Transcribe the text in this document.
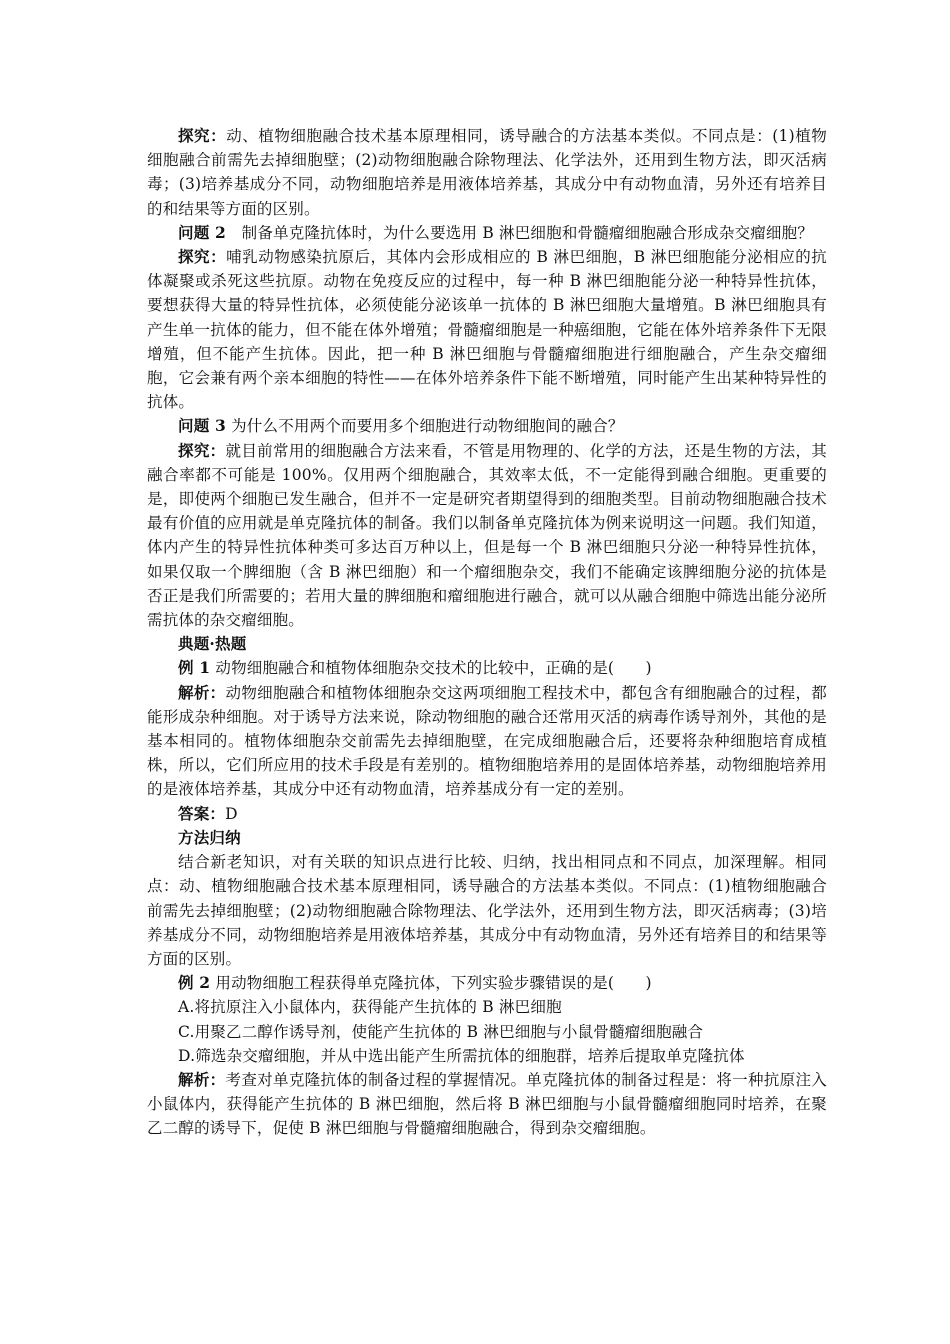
探究：动、植物细胞融合技术基本原理相同，诱导融合的方法基本类似。不同点是：(1)植物细胞融合前需先去掉细胞壁；(2)动物细胞融合除物理法、化学法外，还用到生物方法，即灭活病毒；(3)培养基成分不同，动物细胞培养是用液体培养基，其成分中有动物血清，另外还有培养目的和结果等方面的区别。

问题 2　制备单克隆抗体时，为什么要选用 B 淋巴细胞和骨髓瘤细胞融合形成杂交瘤细胞？

探究：哺乳动物感染抗原后，其体内会形成相应的 B 淋巴细胞，B 淋巴细胞能分泌相应的抗体凝聚或杀死这些抗原。动物在免疫反应的过程中，每一种 B 淋巴细胞能分泌一种特异性抗体，要想获得大量的特异性抗体，必须使能分泌该单一抗体的 B 淋巴细胞大量增殖。B 淋巴细胞具有产生单一抗体的能力，但不能在体外增殖；骨髓瘤细胞是一种癌细胞，它能在体外培养条件下无限增殖，但不能产生抗体。因此，把一种 B 淋巴细胞与骨髓瘤细胞进行细胞融合，产生杂交瘤细胞，它会兼有两个亲本细胞的特性——在体外培养条件下能不断增殖，同时能产生出某种特异性的抗体。

问题 3 为什么不用两个而要用多个细胞进行动物细胞间的融合？

探究：就目前常用的细胞融合方法来看，不管是用物理的、化学的方法，还是生物的方法，其融合率都不可能是 100%。仅用两个细胞融合，其效率太低，不一定能得到融合细胞。更重要的是，即使两个细胞已发生融合，但并不一定是研究者期望得到的细胞类型。目前动物细胞融合技术最有价值的应用就是单克隆抗体的制备。我们以制备单克隆抗体为例来说明这一问题。我们知道，体内产生的特异性抗体种类可多达百万种以上，但是每一个 B 淋巴细胞只分泌一种特异性抗体，如果仅取一个脾细胞（含 B 淋巴细胞）和一个瘤细胞杂交，我们不能确定该脾细胞分泌的抗体是否正是我们所需要的；若用大量的脾细胞和瘤细胞进行融合，就可以从融合细胞中筛选出能分泌所需抗体的杂交瘤细胞。

典题·热题

例 1 动物细胞融合和植物体细胞杂交技术的比较中，正确的是(　　)

解析：动物细胞融合和植物体细胞杂交这两项细胞工程技术中，都包含有细胞融合的过程，都能形成杂种细胞。对于诱导方法来说，除动物细胞的融合还常用灭活的病毒作诱导剂外，其他的是基本相同的。植物体细胞杂交前需先去掉细胞壁，在完成细胞融合后，还要将杂种细胞培育成植株，所以，它们所应用的技术手段是有差别的。植物细胞培养用的是固体培养基，动物细胞培养用的是液体培养基，其成分中还有动物血清，培养基成分有一定的差别。

答案：D

方法归纳

结合新老知识，对有关联的知识点进行比较、归纳，找出相同点和不同点，加深理解。相同点：动、植物细胞融合技术基本原理相同，诱导融合的方法基本类似。不同点：(1)植物细胞融合前需先去掉细胞壁；(2)动物细胞融合除物理法、化学法外，还用到生物方法，即灭活病毒；(3)培养基成分不同，动物细胞培养是用液体培养基，其成分中有动物血清，另外还有培养目的和结果等方面的区别。

例 2 用动物细胞工程获得单克隆抗体，下列实验步骤错误的是(　　)

A.将抗原注入小鼠体内，获得能产生抗体的 B 淋巴细胞

C.用聚乙二醇作诱导剂，使能产生抗体的 B 淋巴细胞与小鼠骨髓瘤细胞融合

D.筛选杂交瘤细胞，并从中选出能产生所需抗体的细胞群，培养后提取单克隆抗体

解析：考查对单克隆抗体的制备过程的掌握情况。单克隆抗体的制备过程是：将一种抗原注入小鼠体内，获得能产生抗体的 B 淋巴细胞，然后将 B 淋巴细胞与小鼠骨髓瘤细胞同时培养，在聚乙二醇的诱导下，促使 B 淋巴细胞与骨髓瘤细胞融合，得到杂交瘤细胞。
